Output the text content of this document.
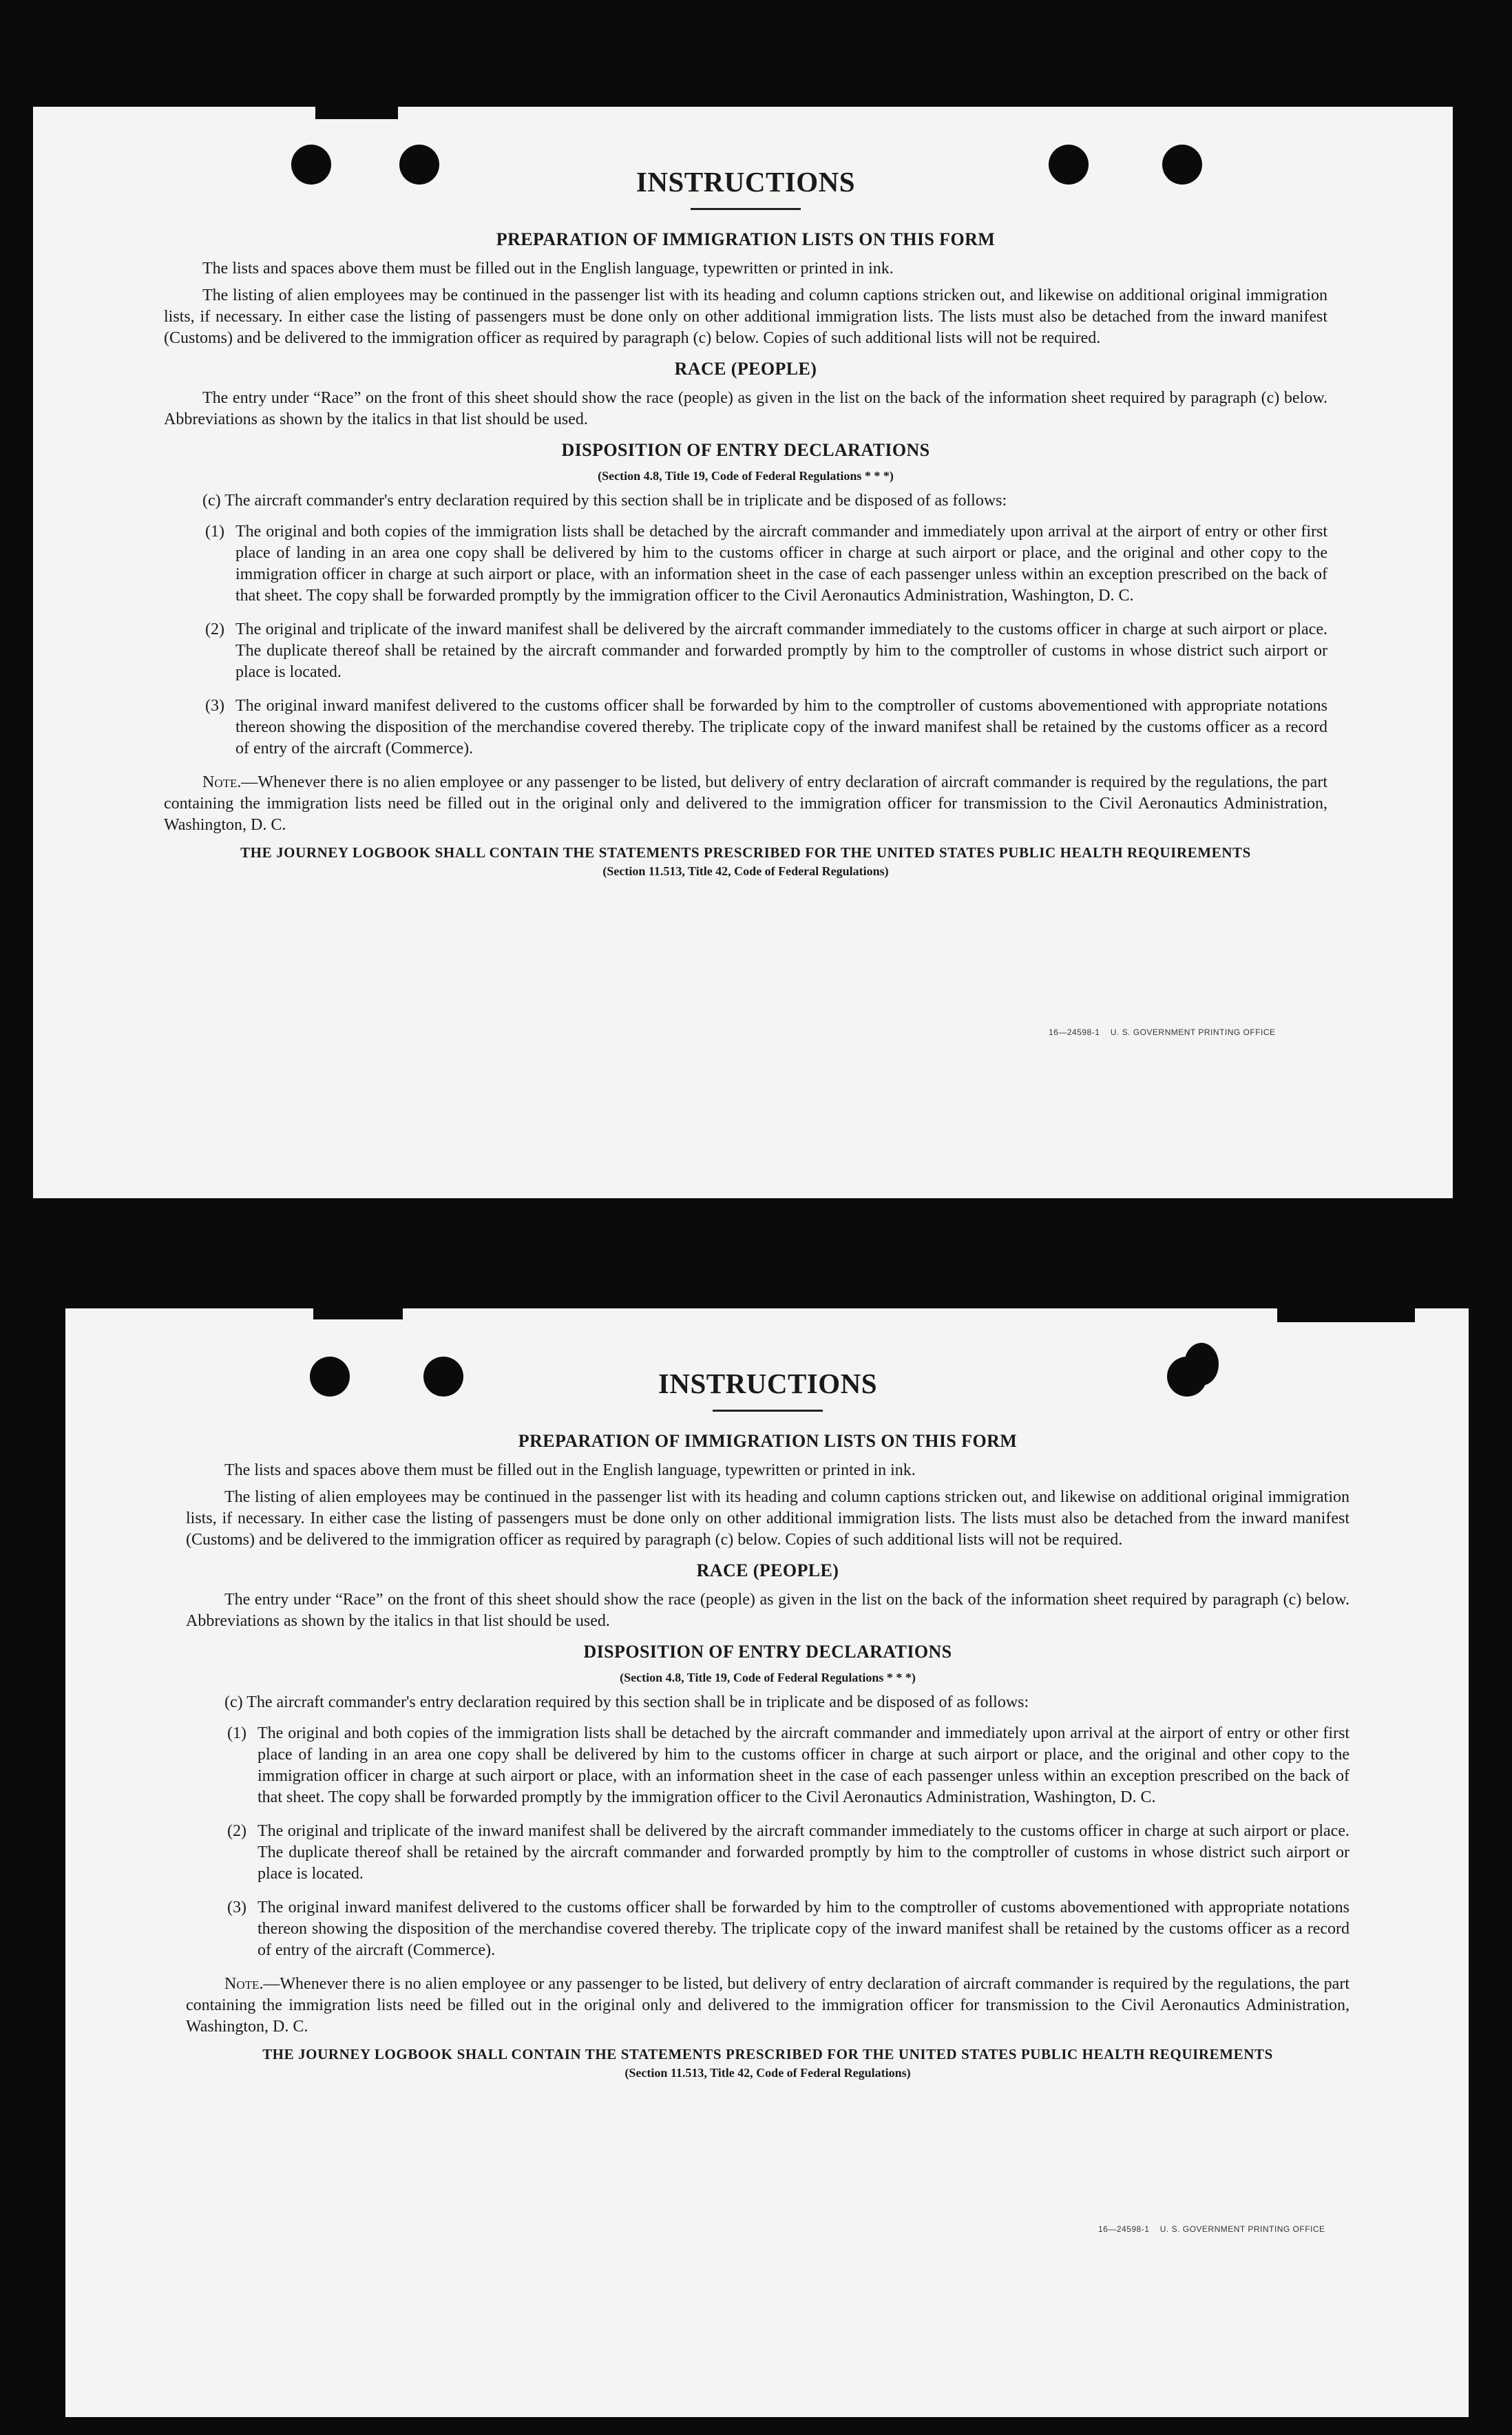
INSTRUCTIONS
PREPARATION OF IMMIGRATION LISTS ON THIS FORM

The lists and spaces above them must be filled out in the English language, typewritten or printed in ink.

The listing of alien employees may be continued in the passenger list with its heading and column captions stricken out, and likewise on additional original immigration lists, if necessary. In either case the listing of passengers must be done only on other additional immigration lists. The lists must also be detached from the inward manifest (Customs) and be delivered to the immigration officer as required by paragraph (c) below. Copies of such additional lists will not be required.

RACE (PEOPLE)

The entry under “Race” on the front of this sheet should show the race (people) as given in the list on the back of the information sheet required by paragraph (c) below. Abbreviations as shown by the italics in that list should be used.

DISPOSITION OF ENTRY DECLARATIONS
(Section 4.8, Title 19, Code of Federal Regulations * * *)
(c) The aircraft commander's entry declaration required by this section shall be in triplicate and be disposed of as follows:
(1) The original and both copies of the immigration lists shall be detached by the aircraft commander and immediately upon arrival at the airport of entry or other first place of landing in an area one copy shall be delivered by him to the customs officer in charge at such airport or place, and the original and other copy to the immigration officer in charge at such airport or place, with an information sheet in the case of each passenger unless within an exception prescribed on the back of that sheet. The copy shall be forwarded promptly by the immigration officer to the Civil Aeronautics Administration, Washington, D. C.
(2) The original and triplicate of the inward manifest shall be delivered by the aircraft commander immediately to the customs officer in charge at such airport or place. The duplicate thereof shall be retained by the aircraft commander and forwarded promptly by him to the comptroller of customs in whose district such airport or place is located.
(3) The original inward manifest delivered to the customs officer shall be forwarded by him to the comptroller of customs abovementioned with appropriate notations thereon showing the disposition of the merchandise covered thereby. The triplicate copy of the inward manifest shall be retained by the customs officer as a record of entry of the aircraft (Commerce).

Note.—Whenever there is no alien employee or any passenger to be listed, but delivery of entry declaration of aircraft commander is required by the regulations, the part containing the immigration lists need be filled out in the original only and delivered to the immigration officer for transmission to the Civil Aeronautics Administration, Washington, D. C.

THE JOURNEY LOGBOOK SHALL CONTAIN THE STATEMENTS PRESCRIBED FOR THE UNITED STATES PUBLIC HEALTH REQUIREMENTS
(Section 11.513, Title 42, Code of Federal Regulations)
16—24598-1 U. S. GOVERNMENT PRINTING OFFICE
INSTRUCTIONS
PREPARATION OF IMMIGRATION LISTS ON THIS FORM

The lists and spaces above them must be filled out in the English language, typewritten or printed in ink.

The listing of alien employees may be continued in the passenger list with its heading and column captions stricken out, and likewise on additional original immigration lists, if necessary. In either case the listing of passengers must be done only on other additional immigration lists. The lists must also be detached from the inward manifest (Customs) and be delivered to the immigration officer as required by paragraph (c) below. Copies of such additional lists will not be required.

RACE (PEOPLE)

The entry under “Race” on the front of this sheet should show the race (people) as given in the list on the back of the information sheet required by paragraph (c) below. Abbreviations as shown by the italics in that list should be used.

DISPOSITION OF ENTRY DECLARATIONS
(Section 4.8, Title 19, Code of Federal Regulations * * *)
(c) The aircraft commander's entry declaration required by this section shall be in triplicate and be disposed of as follows:
(1) The original and both copies of the immigration lists shall be detached by the aircraft commander and immediately upon arrival at the airport of entry or other first place of landing in an area one copy shall be delivered by him to the customs officer in charge at such airport or place, and the original and other copy to the immigration officer in charge at such airport or place, with an information sheet in the case of each passenger unless within an exception prescribed on the back of that sheet. The copy shall be forwarded promptly by the immigration officer to the Civil Aeronautics Administration, Washington, D. C.
(2) The original and triplicate of the inward manifest shall be delivered by the aircraft commander immediately to the customs officer in charge at such airport or place. The duplicate thereof shall be retained by the aircraft commander and forwarded promptly by him to the comptroller of customs in whose district such airport or place is located.
(3) The original inward manifest delivered to the customs officer shall be forwarded by him to the comptroller of customs abovementioned with appropriate notations thereon showing the disposition of the merchandise covered thereby. The triplicate copy of the inward manifest shall be retained by the customs officer as a record of entry of the aircraft (Commerce).

Note.—Whenever there is no alien employee or any passenger to be listed, but delivery of entry declaration of aircraft commander is required by the regulations, the part containing the immigration lists need be filled out in the original only and delivered to the immigration officer for transmission to the Civil Aeronautics Administration, Washington, D. C.

THE JOURNEY LOGBOOK SHALL CONTAIN THE STATEMENTS PRESCRIBED FOR THE UNITED STATES PUBLIC HEALTH REQUIREMENTS
(Section 11.513, Title 42, Code of Federal Regulations)
16—24598-1 U. S. GOVERNMENT PRINTING OFFICE
